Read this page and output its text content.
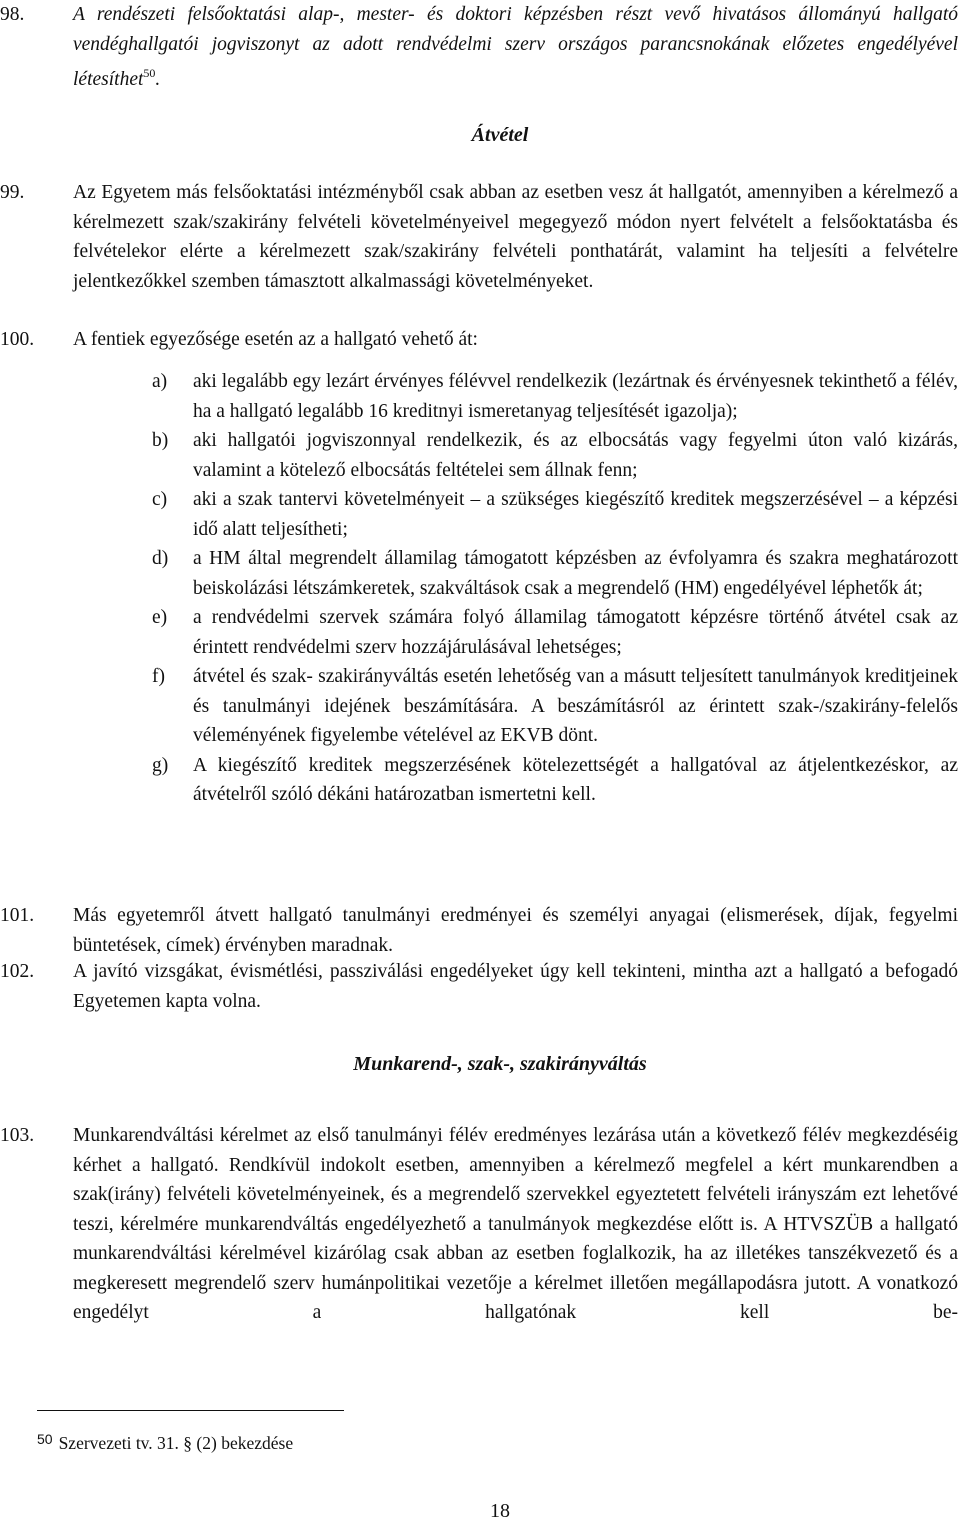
98. A rendészeti felsőoktatási alap-, mester- és doktori képzésben részt vevő hivatásos állományú hallgató vendéghallgatói jogviszonyt az adott rendvédelmi szerv országos parancsnokának előzetes engedélyével létesíthet$^{50}$.
Átvétel
99. Az Egyetem más felsőoktatási intézményből csak abban az esetben vesz át hallgatót, amennyiben a kérelmező a kérelmezett szak/szakirány felvételi követelményeivel megegyező módon nyert felvételt a felsőoktatásba és felvételekor elérte a kérelmezett szak/szakirány felvételi ponthatárát, valamint ha teljesíti a felvételre jelentkezőkkel szemben támasztott alkalmassági követelményeket.
100. A fentiek egyezősége esetén az a hallgató vehető át:
a) aki legalább egy lezárt érvényes félévvel rendelkezik (lezártnak és érvényesnek tekinthető a félév, ha a hallgató legalább 16 kreditnyi ismeretanyag teljesítését igazolja);
b) aki hallgatói jogviszonnyal rendelkezik, és az elbocsátás vagy fegyelmi úton való kizárás, valamint a kötelező elbocsátás feltételei sem állnak fenn;
c) aki a szak tantervi követelményeit – a szükséges kiegészítő kreditek megszerzésével – a képzési idő alatt teljesítheti;
d) a HM által megrendelt államilag támogatott képzésben az évfolyamra és szakra meghatározott beiskolázási létszámkeretek, szakváltások csak a megrendelő (HM) engedélyével léphetők át;
e) a rendvédelmi szervek számára folyó államilag támogatott képzésre történő átvétel csak az érintett rendvédelmi szerv hozzájárulásával lehetséges;
f) átvétel és szak- szakirányváltás esetén lehetőség van a másutt teljesített tanulmányok kreditjeinek és tanulmányi idejének beszámítására. A beszámításról az érintett szak-/szakirány-felelős véleményének figyelembe vételével az EKVB dönt.
g) A kiegészítő kreditek megszerzésének kötelezettségét a hallgatóval az átjelentkezéskor, az átvételről szóló dékáni határozatban ismertetni kell.
101. Más egyetemről átvett hallgató tanulmányi eredményei és személyi anyagai (elismerések, díjak, fegyelmi büntetések, címek) érvényben maradnak.
102. A javító vizsgákat, évismétlési, passziválási engedélyeket úgy kell tekinteni, mintha azt a hallgató a befogadó Egyetemen kapta volna.
Munkarend-, szak-, szakirányváltás
103. Munkarendváltási kérelmet az első tanulmányi félév eredményes lezárása után a következő félév megkezdéséig kérhet a hallgató. Rendkívül indokolt esetben, amennyiben a kérelmező megfelel a kért munkarendben a szak(irány) felvételi követelményeinek, és a megrendelő szervekkel egyeztetett felvételi irányszám ezt lehetővé teszi, kérelmére munkarendváltás engedélyezhető a tanulmányok megkezdése előtt is. A HTVSZÜB a hallgató munkarendváltási kérelmével kizárólag csak abban az esetben foglalkozik, ha az illetékes tanszékvezető és a megkeresett megrendelő szerv humánpolitikai vezetője a kérelmet illetően megállapodásra jutott. A vonatkozó engedélyt a hallgatónak kell be-
$^{50}$ Szervezeti tv. 31. § (2) bekezdése
18
